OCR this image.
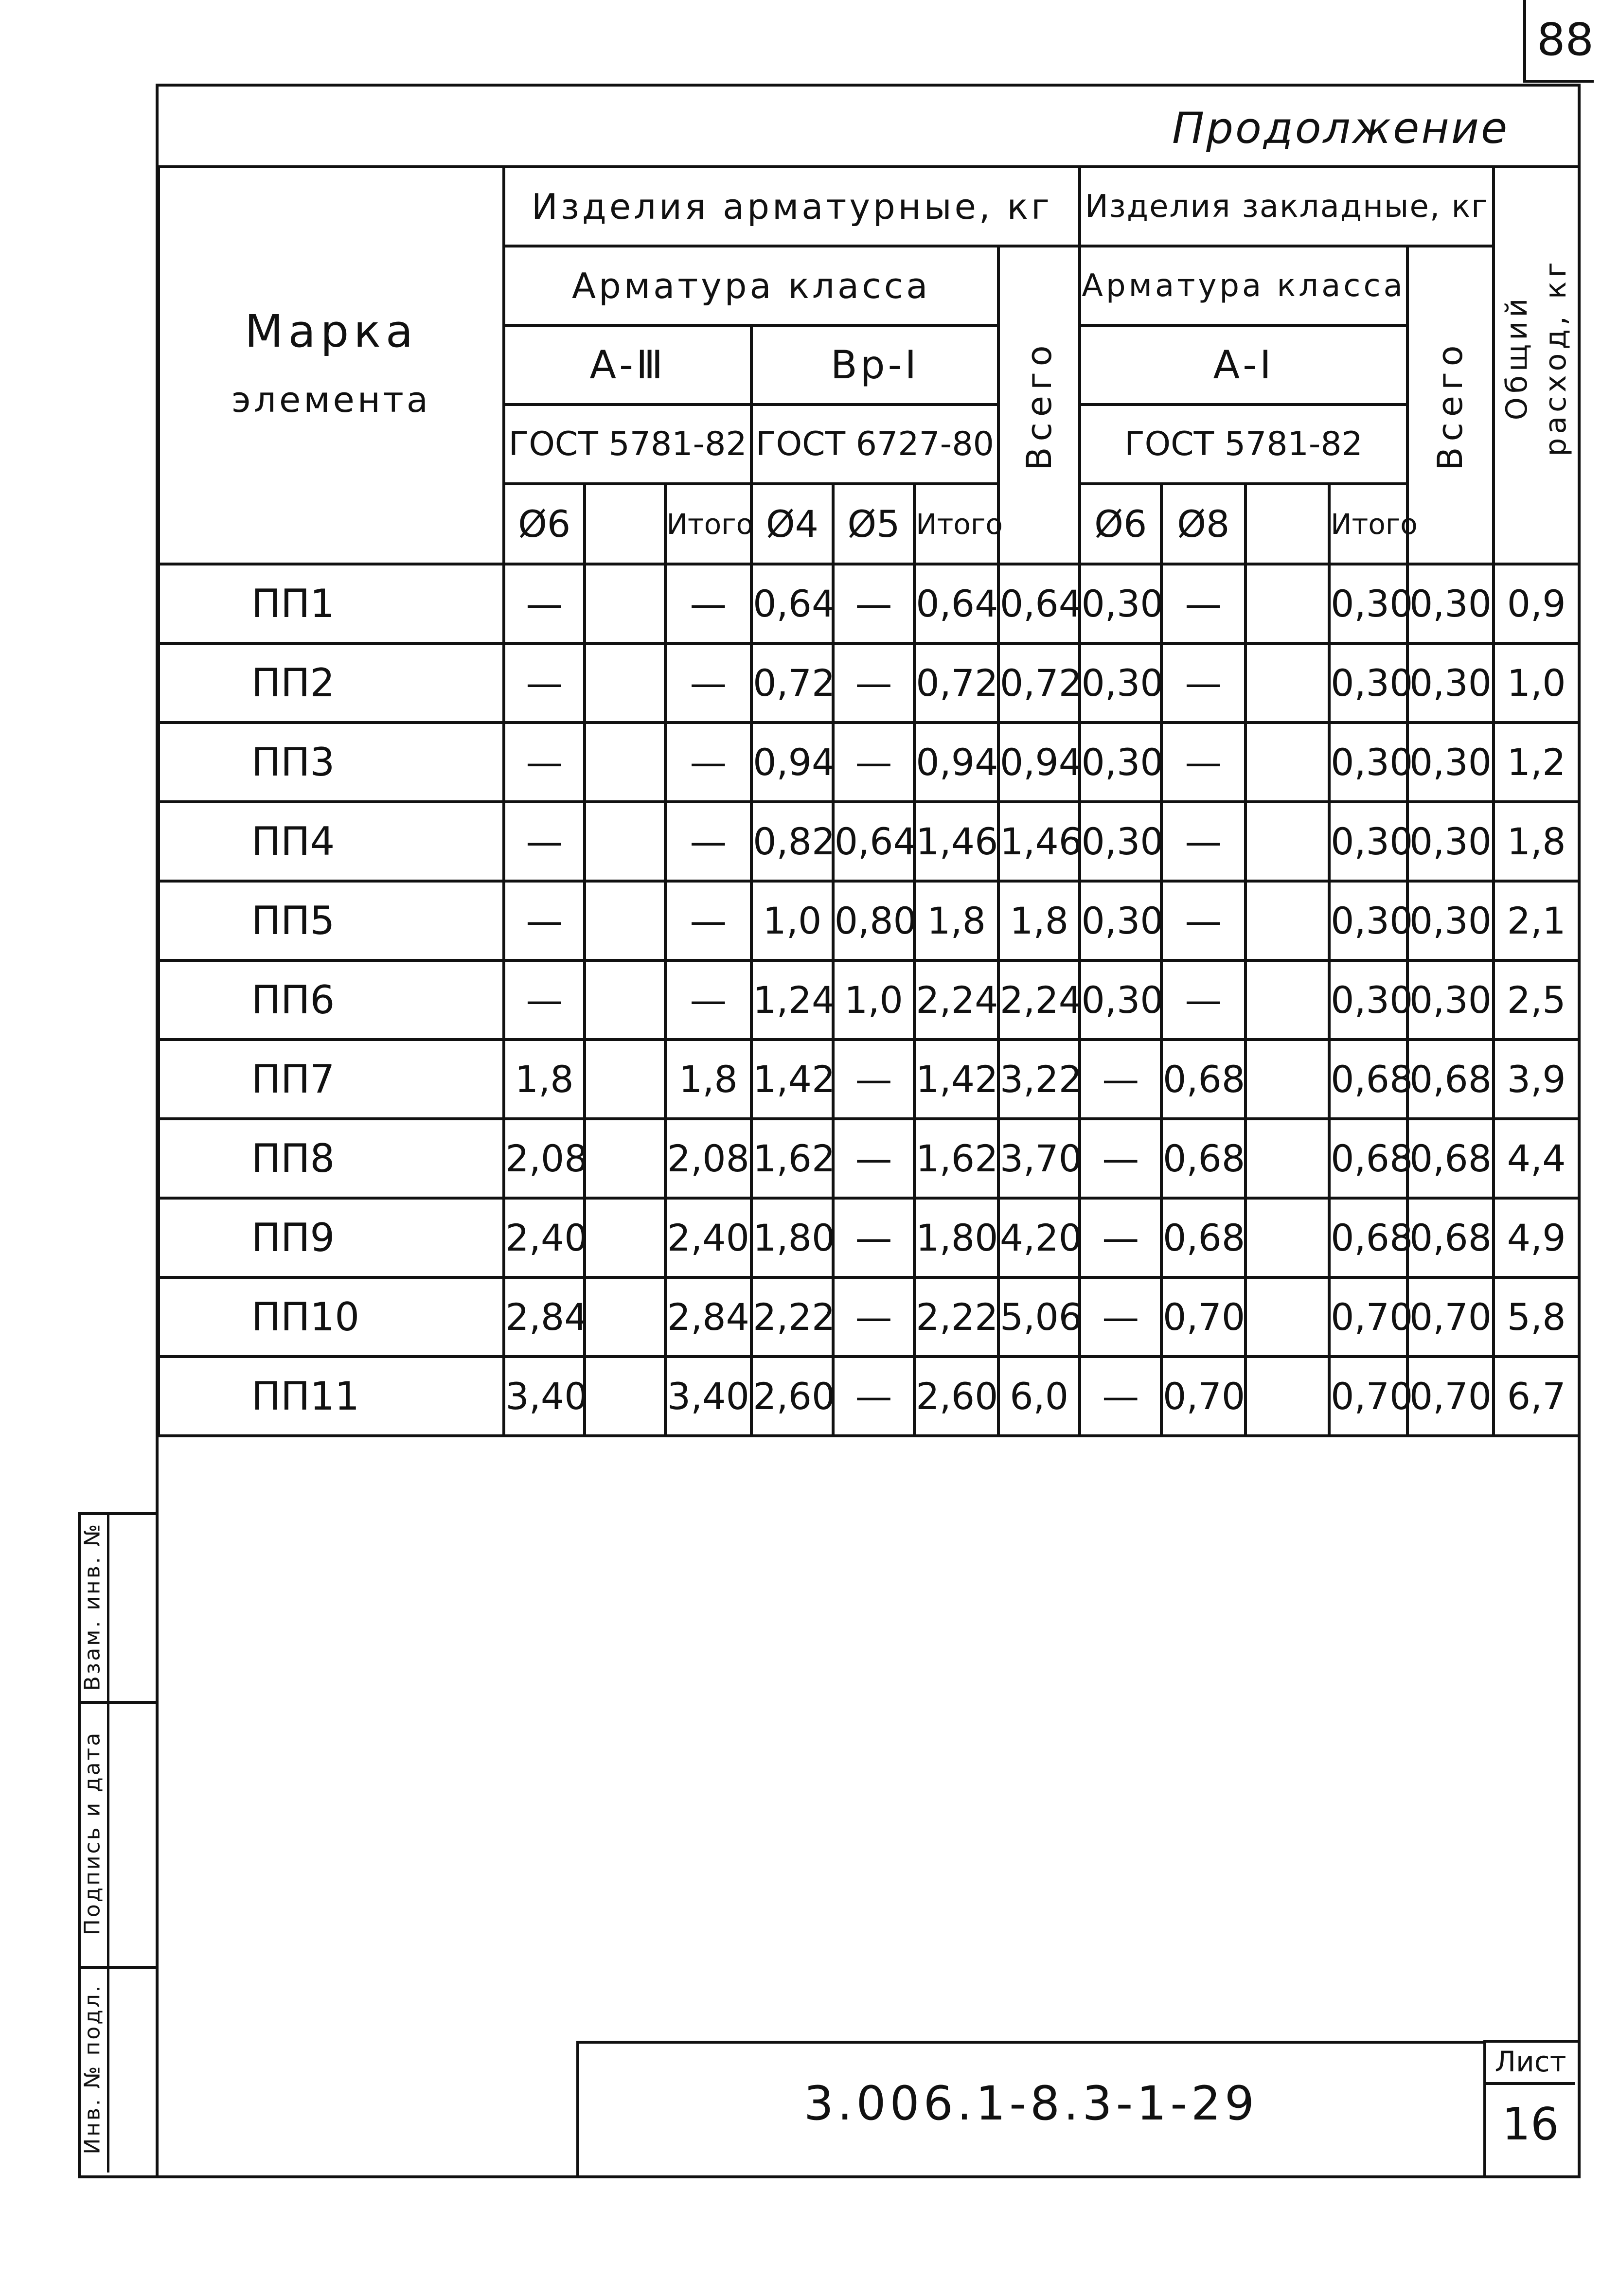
88
Продолжение
Марка
элемента	Изделия арматурные, кг							Изделия закладные, кг					Общий расход, кг

	Арматура класса						Всего	Арматура класса				Всего	

	А-Ⅲ			Вр-I				А-I					
	ГОСТ 5781-82			ГОСТ 6727-80				ГОСТ 5781-82					
	Ø6		Итого	Ø4	Ø5	Итого		Ø6	Ø8		Итого		
ПП1	—		—	0,64	—	0,64	0,64	0,30	—		0,30	0,30	0,9
ПП2	—		—	0,72	—	0,72	0,72	0,30	—		0,30	0,30	1,0
ПП3	—		—	0,94	—	0,94	0,94	0,30	—		0,30	0,30	1,2
ПП4	—		—	0,82	0,64	1,46	1,46	0,30	—		0,30	0,30	1,8
ПП5	—		—	1,0	0,80	1,8	1,8	0,30	—		0,30	0,30	2,1
ПП6	—		—	1,24	1,0	2,24	2,24	0,30	—		0,30	0,30	2,5
ПП7	1,8		1,8	1,42	—	1,42	3,22	—	0,68		0,68	0,68	3,9
ПП8	2,08		2,08	1,62	—	1,62	3,70	—	0,68		0,68	0,68	4,4
ПП9	2,40		2,40	1,80	—	1,80	4,20	—	0,68		0,68	0,68	4,9
ПП10	2,84		2,84	2,22	—	2,22	5,06	—	0,70		0,70	0,70	5,8
ПП11	3,40		3,40	2,60	—	2,60	6,0	—	0,70		0,70	0,70	6,7
Взам. инв. №
Подпись и дата
Инв. № подл.	3.006.1-8.3-1-29
Лист
16
